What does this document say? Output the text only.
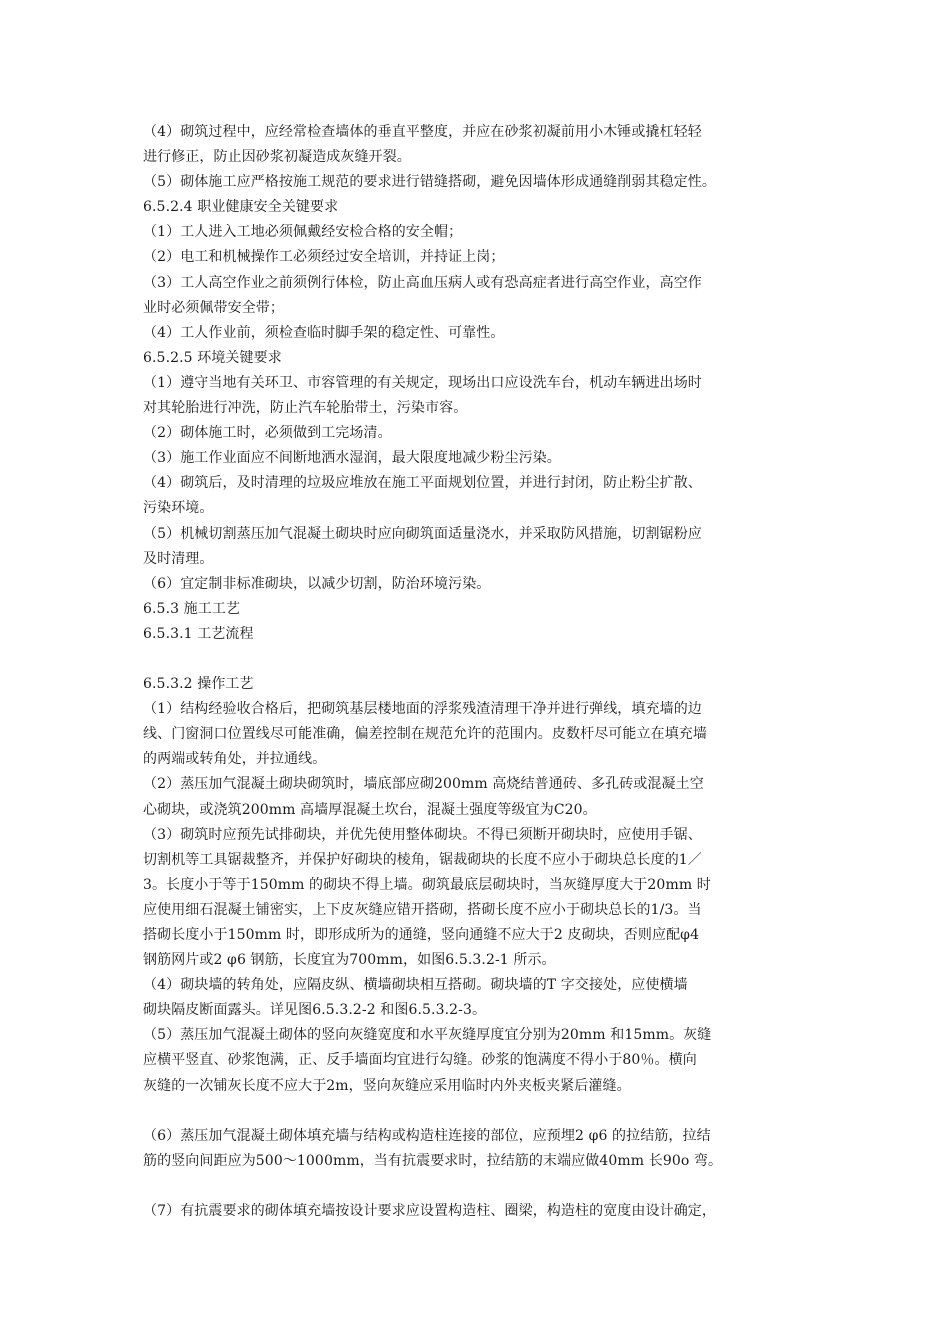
（4）砌筑过程中，应经常检查墙体的垂直平整度，并应在砂浆初凝前用小木锤或撬杠轻轻
进行修正，防止因砂浆初凝造成灰缝开裂。
（5）砌体施工应严格按施工规范的要求进行错缝搭砌，避免因墙体形成通缝削弱其稳定性。
6.5.2.4 职业健康安全关键要求
（1）工人进入工地必须佩戴经安检合格的安全帽；
（2）电工和机械操作工必须经过安全培训，并持证上岗；
（3）工人高空作业之前须例行体检，防止高血压病人或有恐高症者进行高空作业，高空作
业时必须佩带安全带；
（4）工人作业前，须检查临时脚手架的稳定性、可靠性。
6.5.2.5 环境关键要求
（1）遵守当地有关环卫、市容管理的有关规定，现场出口应设洗车台，机动车辆进出场时
对其轮胎进行冲洗，防止汽车轮胎带土，污染市容。
（2）砌体施工时，必须做到工完场清。
（3）施工作业面应不间断地洒水湿润，最大限度地减少粉尘污染。
（4）砌筑后，及时清理的垃圾应堆放在施工平面规划位置，并进行封闭，防止粉尘扩散、
污染环境。
（5）机械切割蒸压加气混凝土砌块时应向砌筑面适量浇水，并采取防风措施，切割锯粉应
及时清理。
（6）宜定制非标准砌块，以减少切割，防治环境污染。
6.5.3 施工工艺
6.5.3.1 工艺流程
6.5.3.2 操作工艺
（1）结构经验收合格后，把砌筑基层楼地面的浮浆残渣清理干净并进行弹线，填充墙的边
线、门窗洞口位置线尽可能准确，偏差控制在规范允许的范围内。皮数杆尽可能立在填充墙
的两端或转角处，并拉通线。
（2）蒸压加气混凝土砌块砌筑时，墙底部应砌200mm 高烧结普通砖、多孔砖或混凝土空
心砌块，或浇筑200mm 高墙厚混凝土坎台，混凝土强度等级宜为C20。
（3）砌筑时应预先试排砌块，并优先使用整体砌块。不得已须断开砌块时，应使用手锯、
切割机等工具锯裁整齐，并保护好砌块的棱角，锯裁砌块的长度不应小于砌块总长度的1／
3。长度小于等于150mm 的砌块不得上墙。砌筑最底层砌块时，当灰缝厚度大于20mm 时
应使用细石混凝土铺密实，上下皮灰缝应错开搭砌，搭砌长度不应小于砌块总长的1/3。当
搭砌长度小于150mm 时，即形成所为的通缝，竖向通缝不应大于2 皮砌块，否则应配φ4
钢筋网片或2 φ6 钢筋，长度宜为700mm，如图6.5.3.2-1 所示。
（4）砌块墙的转角处，应隔皮纵、横墙砌块相互搭砌。砌块墙的T 字交接处，应使横墙
砌块隔皮断面露头。详见图6.5.3.2-2 和图6.5.3.2-3。
（5）蒸压加气混凝土砌体的竖向灰缝宽度和水平灰缝厚度宜分别为20mm 和15mm。灰缝
应横平竖直、砂浆饱满，正、反手墙面均宜进行勾缝。砂浆的饱满度不得小于80％。横向
灰缝的一次铺灰长度不应大于2m，竖向灰缝应采用临时内外夹板夹紧后灌缝。
（6）蒸压加气混凝土砌体填充墙与结构或构造柱连接的部位，应预埋2 φ6 的拉结筋，拉结
筋的竖向间距应为500～1000mm，当有抗震要求时，拉结筋的末端应做40mm 长90o 弯。
（7）有抗震要求的砌体填充墙按设计要求应设置构造柱、圈梁，构造柱的宽度由设计确定，
